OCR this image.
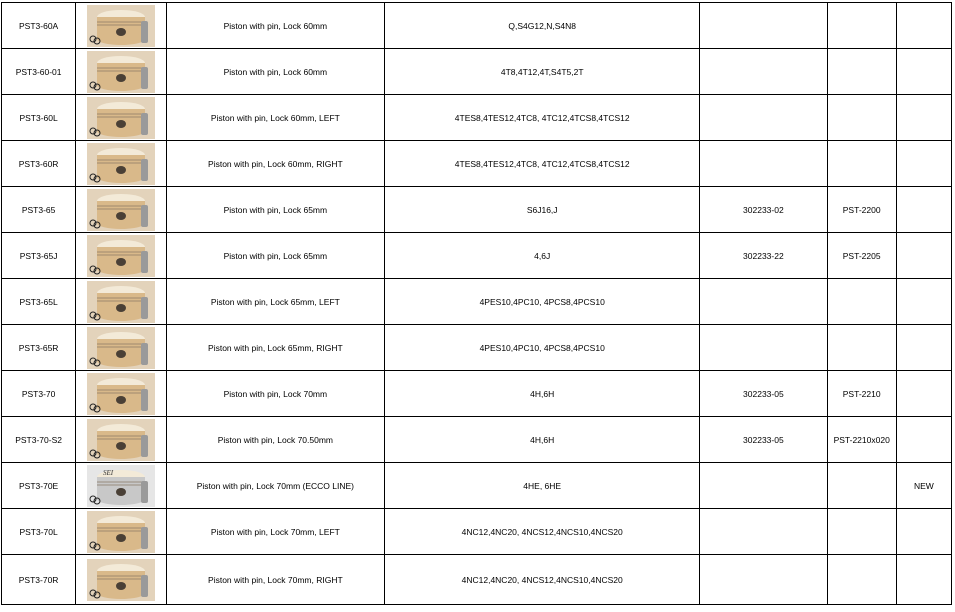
PST3-60A		Piston with pin, Lock 60mm	Q,S4G12,N,S4N8			
PST3-60-01		Piston with pin, Lock 60mm	4T8,4T12,4T,S4T5,2T			
PST3-60L		Piston with pin, Lock 60mm, LEFT	4TES8,4TES12,4TC8, 4TC12,4TCS8,4TCS12			
PST3-60R		Piston with pin, Lock 60mm, RIGHT	4TES8,4TES12,4TC8, 4TC12,4TCS8,4TCS12			
PST3-65		Piston with pin, Lock 65mm	S6J16,J	302233-02	PST-2200	
PST3-65J		Piston with pin, Lock 65mm	4,6J	302233-22	PST-2205	
PST3-65L		Piston with pin, Lock 65mm, LEFT	4PES10,4PC10, 4PCS8,4PCS10			
PST3-65R		Piston with pin, Lock 65mm, RIGHT	4PES10,4PC10, 4PCS8,4PCS10			
PST3-70		Piston with pin, Lock 70mm	4H,6H	302233-05	PST-2210	
PST3-70-S2		Piston with pin, Lock 70.50mm	4H,6H	302233-05	PST-2210x020	
PST3-70E	SEI	Piston with pin, Lock 70mm (ECCO LINE)	4HE, 6HE			NEW
PST3-70L		Piston with pin, Lock 70mm, LEFT	4NC12,4NC20, 4NCS12,4NCS10,4NCS20			
PST3-70R		Piston with pin, Lock 70mm, RIGHT	4NC12,4NC20, 4NCS12,4NCS10,4NCS20			
